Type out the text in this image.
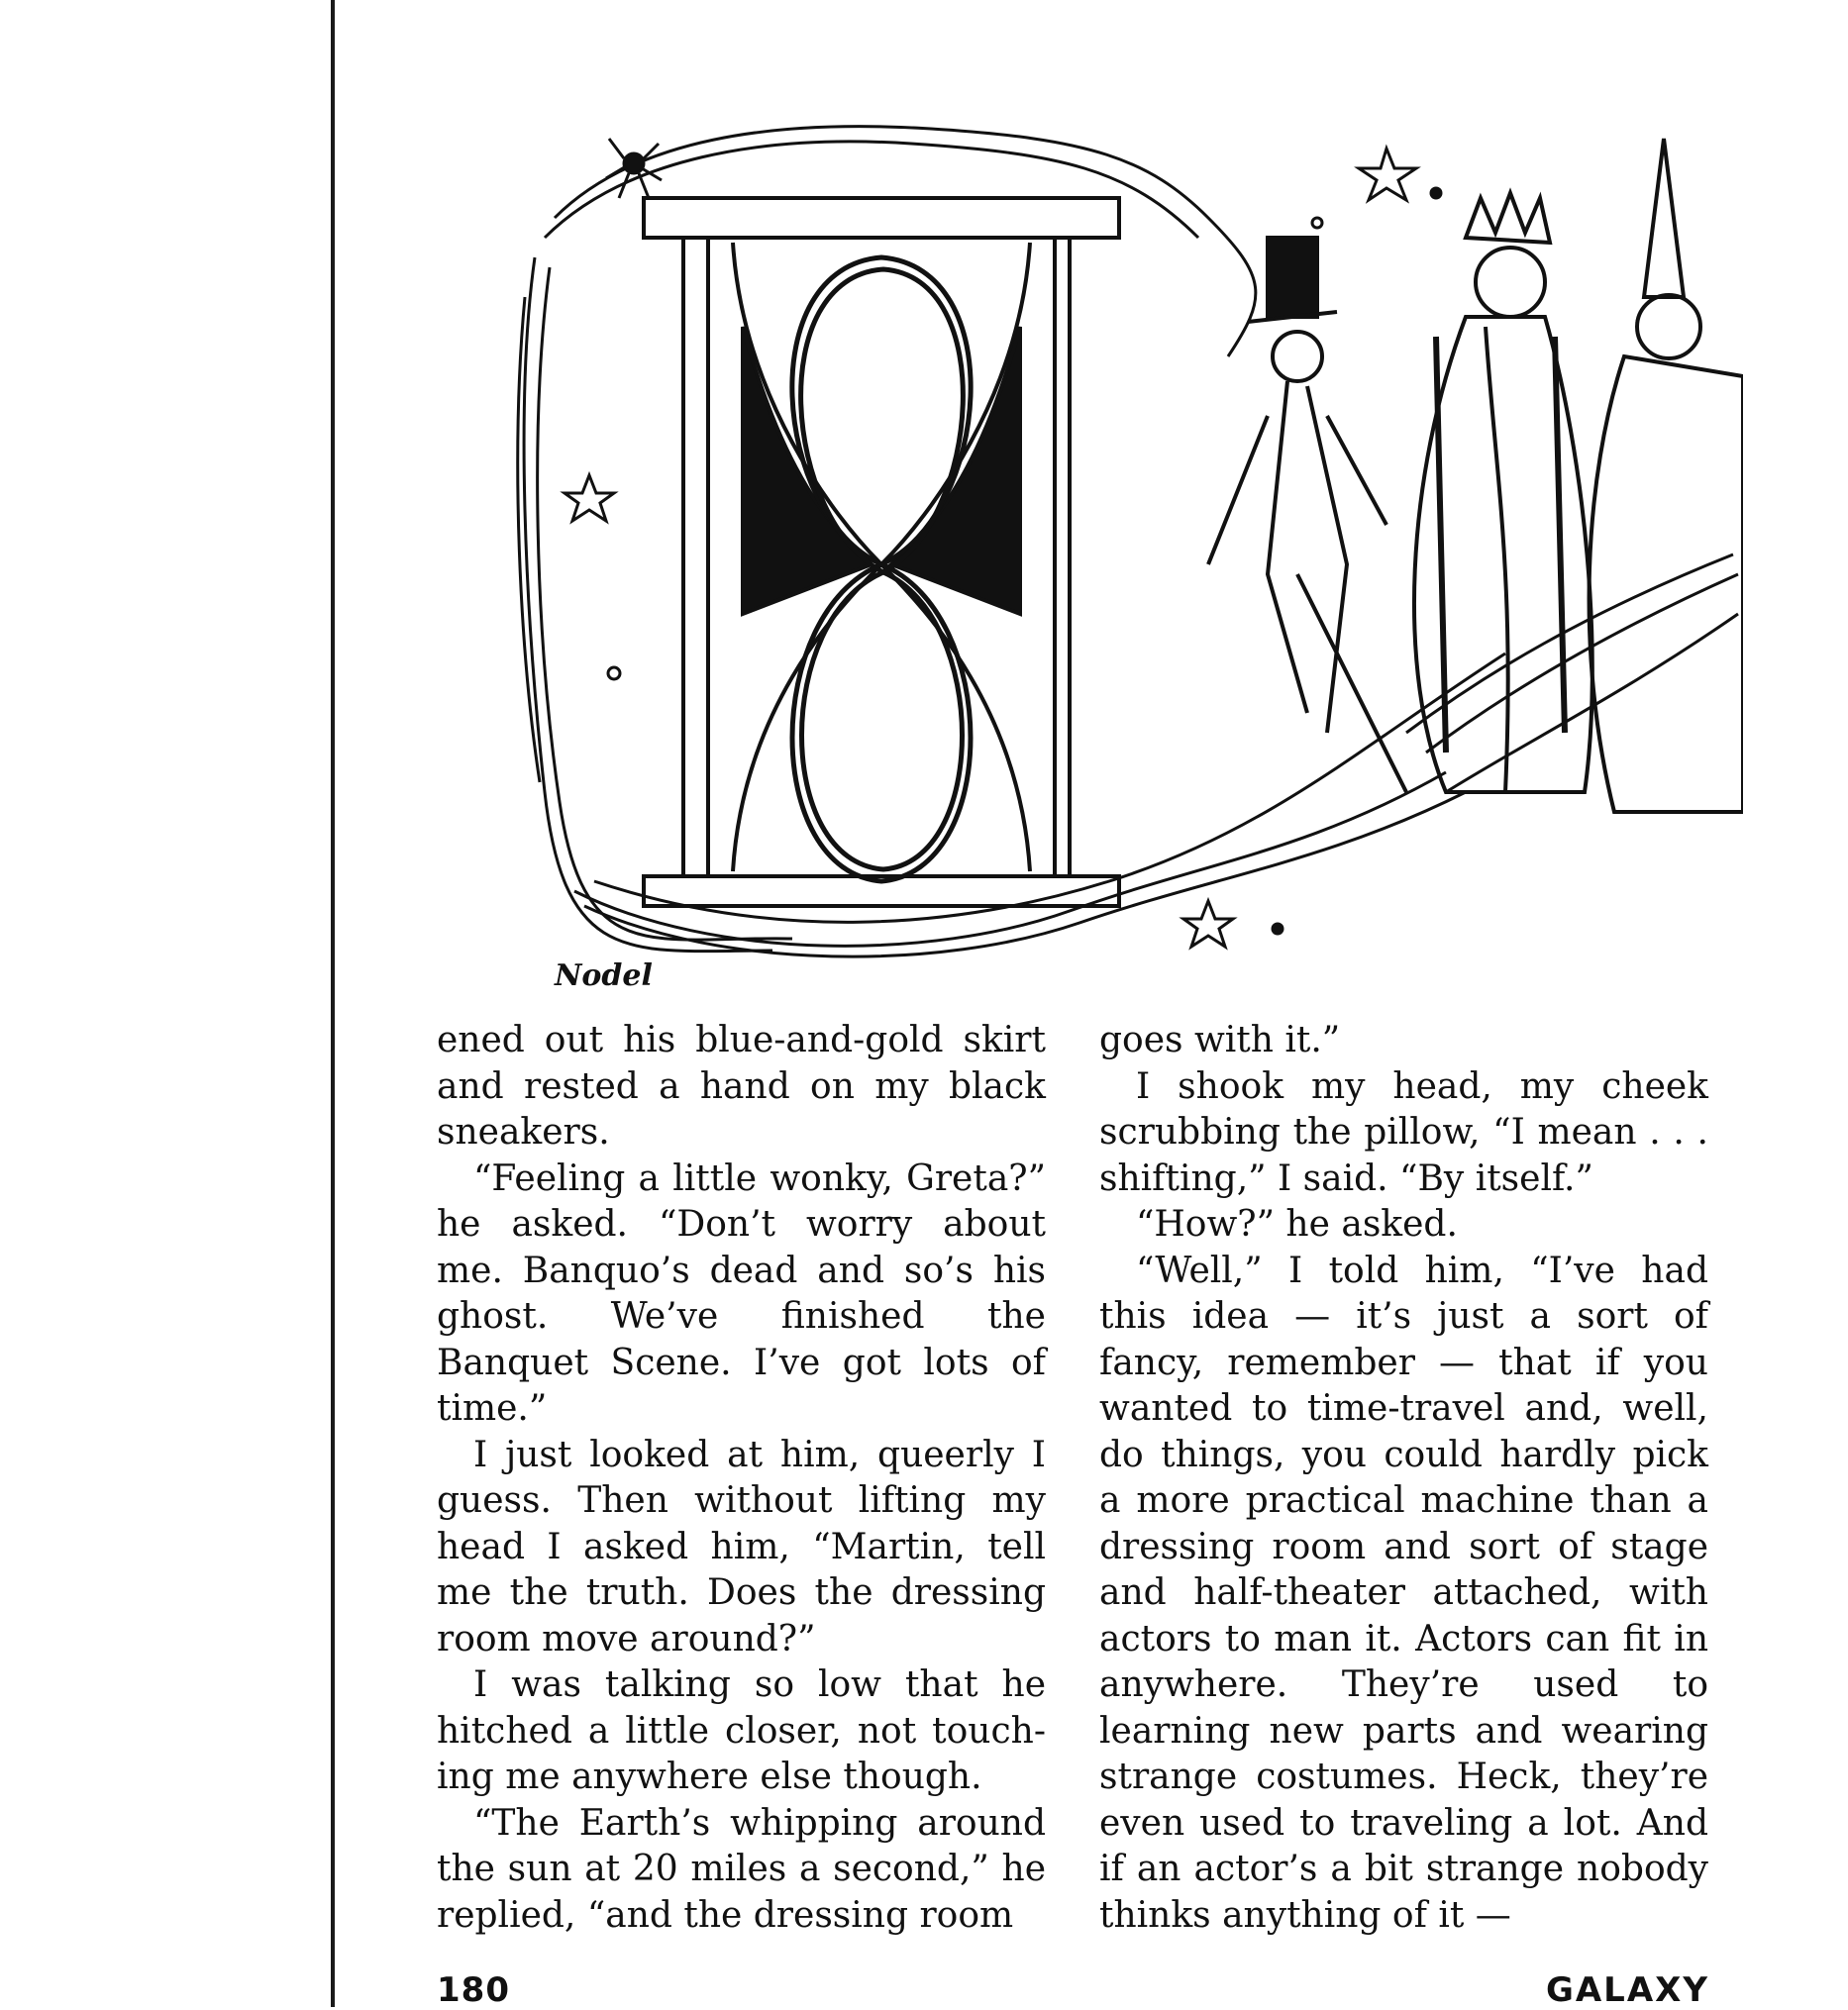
Nodel

ened out his blue-and-gold skirt and rested a hand on my black sneakers.

“Feeling a little wonky, Greta?” he asked. “Don’t worry about me. Banquo’s dead and so’s his ghost. We’ve finished the Banquet Scene. I’ve got lots of time.”

I just looked at him, queerly I guess. Then without lifting my head I asked him, “Martin, tell me the truth. Does the dressing room move around?”

I was talking so low that he hitched a little closer, not touching me anywhere else though.

“The Earth’s whipping around the sun at 20 miles a second,” he replied, “and the dressing room

goes with it.”

I shook my head, my cheek scrubbing the pillow, “I mean . . . shifting,” I said. “By itself.”

“How?” he asked.

“Well,” I told him, “I’ve had this idea — it’s just a sort of fancy, remember — that if you wanted to time-travel and, well, do things, you could hardly pick a more practical machine than a dressing room and sort of stage and half-theater attached, with actors to man it. Actors can fit in anywhere. They’re used to learning new parts and wearing strange costumes. Heck, they’re even used to traveling a lot. And if an actor’s a bit strange nobody thinks anything of it —

180	GALAXY
